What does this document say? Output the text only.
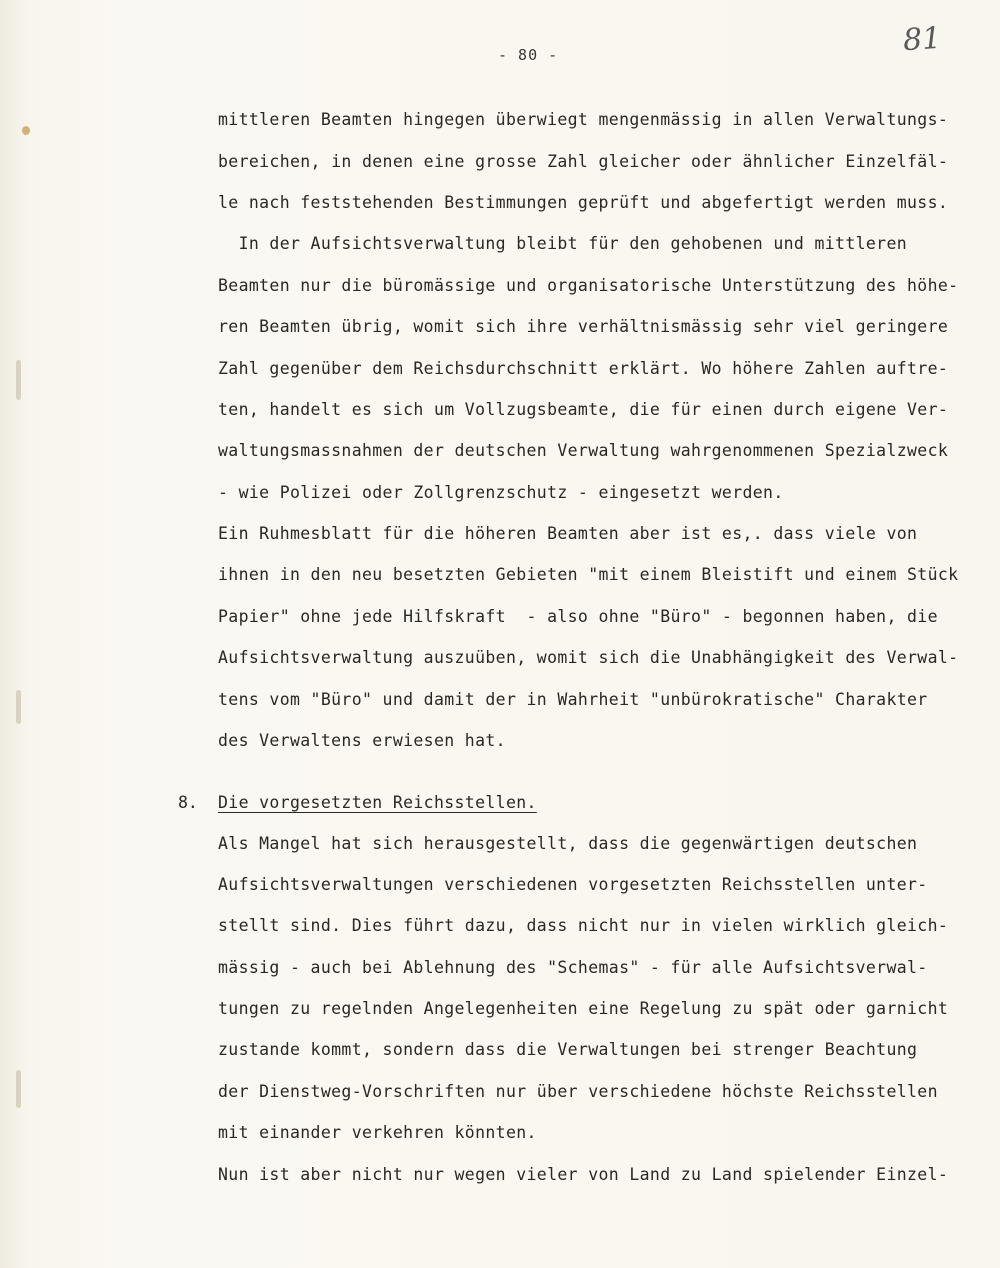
- 80 -	81
mittleren Beamten hingegen überwiegt mengenmässig in allen Verwaltungs-
bereichen, in denen eine grosse Zahl gleicher oder ähnlicher Einzelfäl-
le nach feststehenden Bestimmungen geprüft und abgefertigt werden muss.
In der Aufsichtsverwaltung bleibt für den gehobenen und mittleren
Beamten nur die büromässige und organisatorische Unterstützung des höhe-
ren Beamten übrig, womit sich ihre verhältnismässig sehr viel geringere
Zahl gegenüber dem Reichsdurchschnitt erklärt. Wo höhere Zahlen auftre-
ten, handelt es sich um Vollzugsbeamte, die für einen durch eigene Ver-
waltungsmassnahmen der deutschen Verwaltung wahrgenommenen Spezialzweck
- wie Polizei oder Zollgrenzschutz - eingesetzt werden.
Ein Ruhmesblatt für die höheren Beamten aber ist es,. dass viele von
ihnen in den neu besetzten Gebieten "mit einem Bleistift und einem Stück
Papier" ohne jede Hilfskraft  - also ohne "Büro" - begonnen haben, die
Aufsichtsverwaltung auszuüben, womit sich die Unabhängigkeit des Verwal-
tens vom "Büro" und damit der in Wahrheit "unbürokratische" Charakter
des Verwaltens erwiesen hat.
8. Die vorgesetzten Reichsstellen.
Als Mangel hat sich herausgestellt, dass die gegenwärtigen deutschen
Aufsichtsverwaltungen verschiedenen vorgesetzten Reichsstellen unter-
stellt sind. Dies führt dazu, dass nicht nur in vielen wirklich gleich-
mässig - auch bei Ablehnung des "Schemas" - für alle Aufsichtsverwal-
tungen zu regelnden Angelegenheiten eine Regelung zu spät oder garnicht
zustande kommt, sondern dass die Verwaltungen bei strenger Beachtung
der Dienstweg-Vorschriften nur über verschiedene höchste Reichsstellen
mit einander verkehren könnten.
Nun ist aber nicht nur wegen vieler von Land zu Land spielender Einzel-
